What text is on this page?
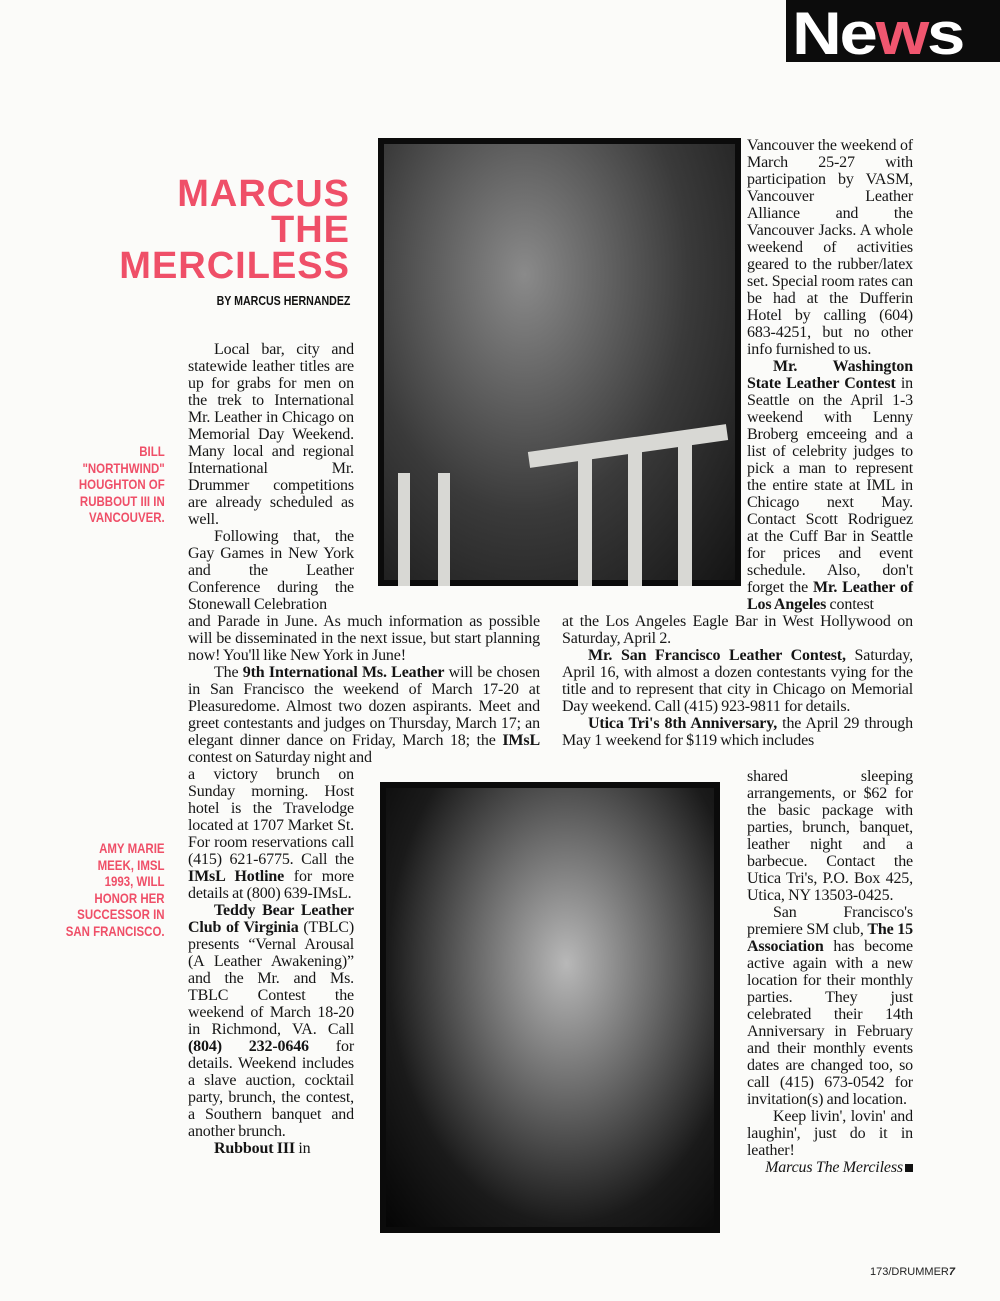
News
MARCUS
THE
MERCILESS
BY MARCUS HERNANDEZ
BILL
"NORTHWIND"
HOUGHTON OF
RUBBOUT III IN
VANCOUVER.
AMY MARIE
MEEK, IMSL
1993, WILL
HONOR HER
SUCCESSOR IN
SAN FRANCISCO.

Local bar, city and statewide leather titles are up for grabs for men on the trek to International Mr. Leather in Chicago on Memorial Day Weekend. Many local and regional International Mr. Drummer competitions are already scheduled as well.

Following that, the Gay Games in New York and the Leather Conference during the Stonewall Celebration

and Parade in June. As much information as possible will be disseminated in the next issue, but start planning now! You'll like New York in June!

The 9th International Ms. Leather will be chosen in San Francisco the weekend of March 17-20 at Pleasuredome. Almost two dozen aspirants. Meet and greet contestants and judges on Thursday, March 17; an elegant dinner dance on Friday, March 18; the IMsL contest on Saturday night and

a victory brunch on Sunday morning. Host hotel is the Travelodge located at 1707 Market St. For room reservations call (415) 621-6775. Call the IMsL Hotline for more details at (800) 639-IMsL.

Teddy Bear Leather Club of Virginia (TBLC) presents “Vernal Arousal (A Leather Awakening)” and the Mr. and Ms. TBLC Contest the weekend of March 18-20 in Richmond, VA. Call (804) 232-0646 for details. Weekend includes a slave auction, cocktail party, brunch, the contest, a Southern banquet and another brunch.

Rubbout III in

Vancouver the weekend of March 25-27 with participation by VASM, Vancouver Leather Alliance and the Vancouver Jacks. A whole weekend of activities geared to the rubber/latex set. Special room rates can be had at the Dufferin Hotel by calling (604) 683-4251, but no other info furnished to us.

Mr. Washington State Leather Contest in Seattle on the April 1-3 weekend with Lenny Broberg emceeing and a list of celebrity judges to pick a man to represent the entire state at IML in Chicago next May. Contact Scott Rodriguez at the Cuff Bar in Seattle for prices and event schedule. Also, don't forget the Mr. Leather of Los Angeles contest

at the Los Angeles Eagle Bar in West Hollywood on Saturday, April 2.

Mr. San Francisco Leather Contest, Saturday, April 16, with almost a dozen contestants vying for the title and to represent that city in Chicago on Memorial Day weekend. Call (415) 923-9811 for details.

Utica Tri's 8th Anniversary, the April 29 through May 1 weekend for $119 which includes

shared sleeping arrangements, or $62 for the basic package with parties, brunch, banquet, leather night and a barbecue. Contact the Utica Tri's, P.O. Box 425, Utica, NY 13503-0425.

San Francisco's premiere SM club, The 15 Association has become active again with a new location for their monthly parties. They just celebrated their 14th Anniversary in February and their monthly events dates are changed too, so call (415) 673-0542 for invitation(s) and location.

Keep livin', lovin' and laughin', just do it in leather!

Marcus The Merciless

173/DRUMMER7
